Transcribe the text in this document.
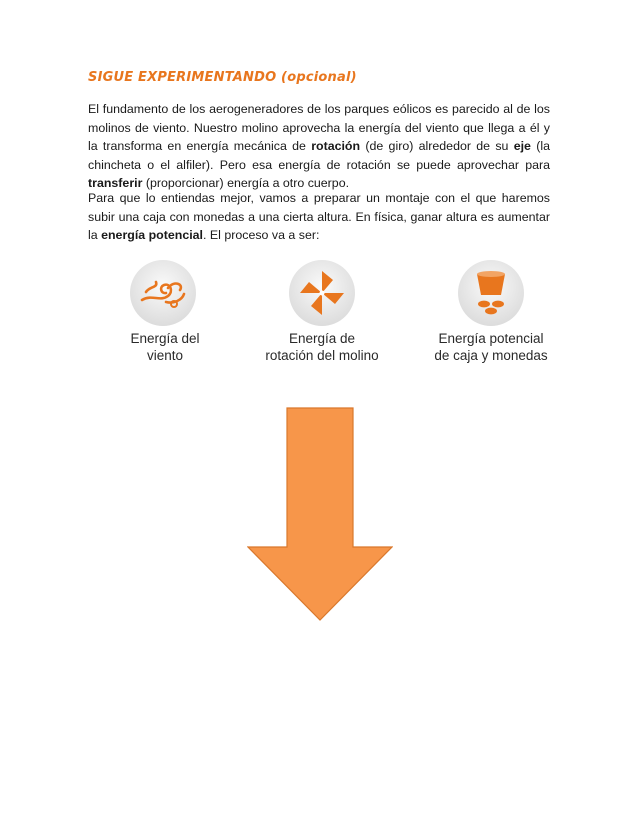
SIGUE EXPERIMENTANDO (opcional)
El fundamento de los aerogeneradores de los parques eólicos es parecido al de los molinos de viento. Nuestro molino aprovecha la energía del viento que llega a él y la transforma en energía mecánica de rotación (de giro) alrededor de su eje (la chincheta o el alfiler). Pero esa energía de rotación se puede aprovechar para transferir (proporcionar) energía a otro cuerpo.
Para que lo entiendas mejor, vamos a preparar un montaje con el que haremos subir una caja con monedas a una cierta altura. En física, ganar altura es aumentar la energía potencial. El proceso va a ser:
Energía del
viento
Energía de
rotación del molino
Energía potencial
de caja y monedas
